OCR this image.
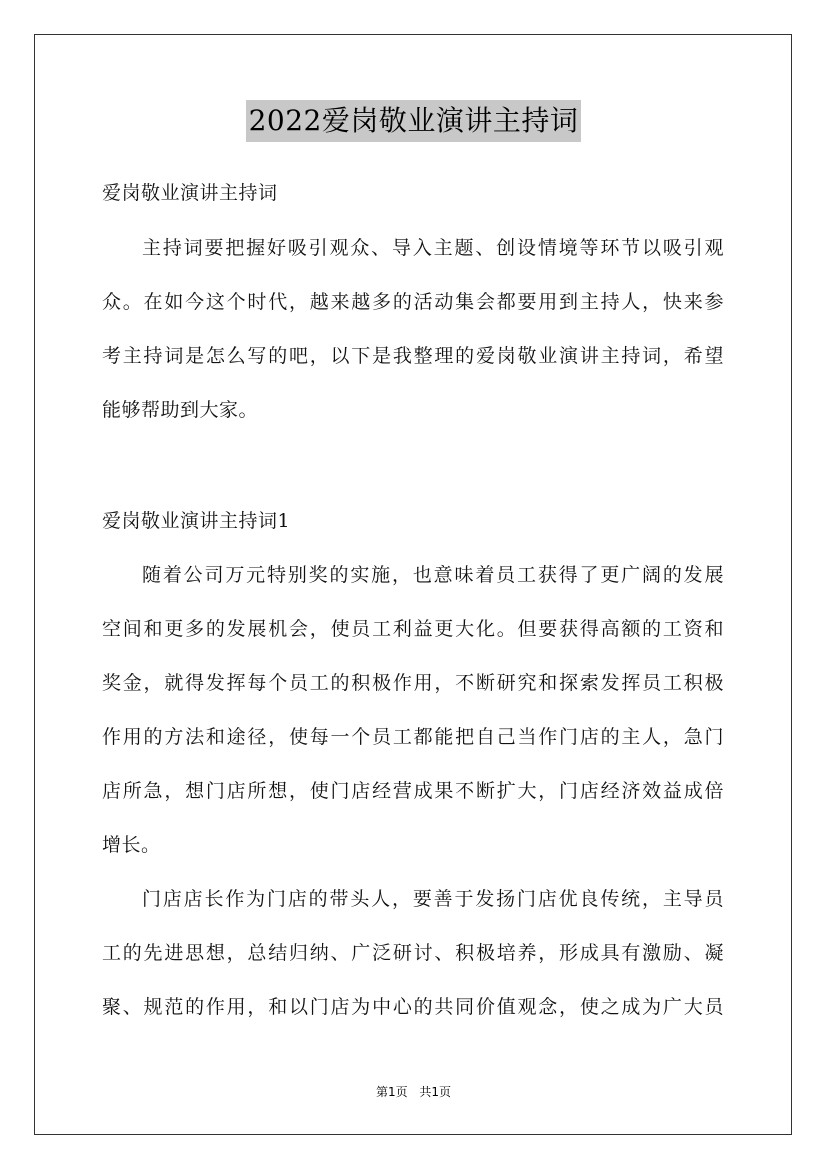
2022爱岗敬业演讲主持词
爱岗敬业演讲主持词
主持词要把握好吸引观众、导入主题、创设情境等环节以吸引观
众。在如今这个时代，越来越多的活动集会都要用到主持人，快来参
考主持词是怎么写的吧，以下是我整理的爱岗敬业演讲主持词，希望
能够帮助到大家。
爱岗敬业演讲主持词1
随着公司万元特别奖的实施，也意味着员工获得了更广阔的发展
空间和更多的发展机会，使员工利益更大化。但要获得高额的工资和
奖金，就得发挥每个员工的积极作用，不断研究和探索发挥员工积极
作用的方法和途径，使每一个员工都能把自己当作门店的主人，急门
店所急，想门店所想，使门店经营成果不断扩大，门店经济效益成倍
增长。
门店店长作为门店的带头人，要善于发扬门店优良传统，主导员
工的先进思想，总结归纳、广泛研讨、积极培养，形成具有激励、凝
聚、规范的作用，和以门店为中心的共同价值观念，使之成为广大员
第1页 共1页
